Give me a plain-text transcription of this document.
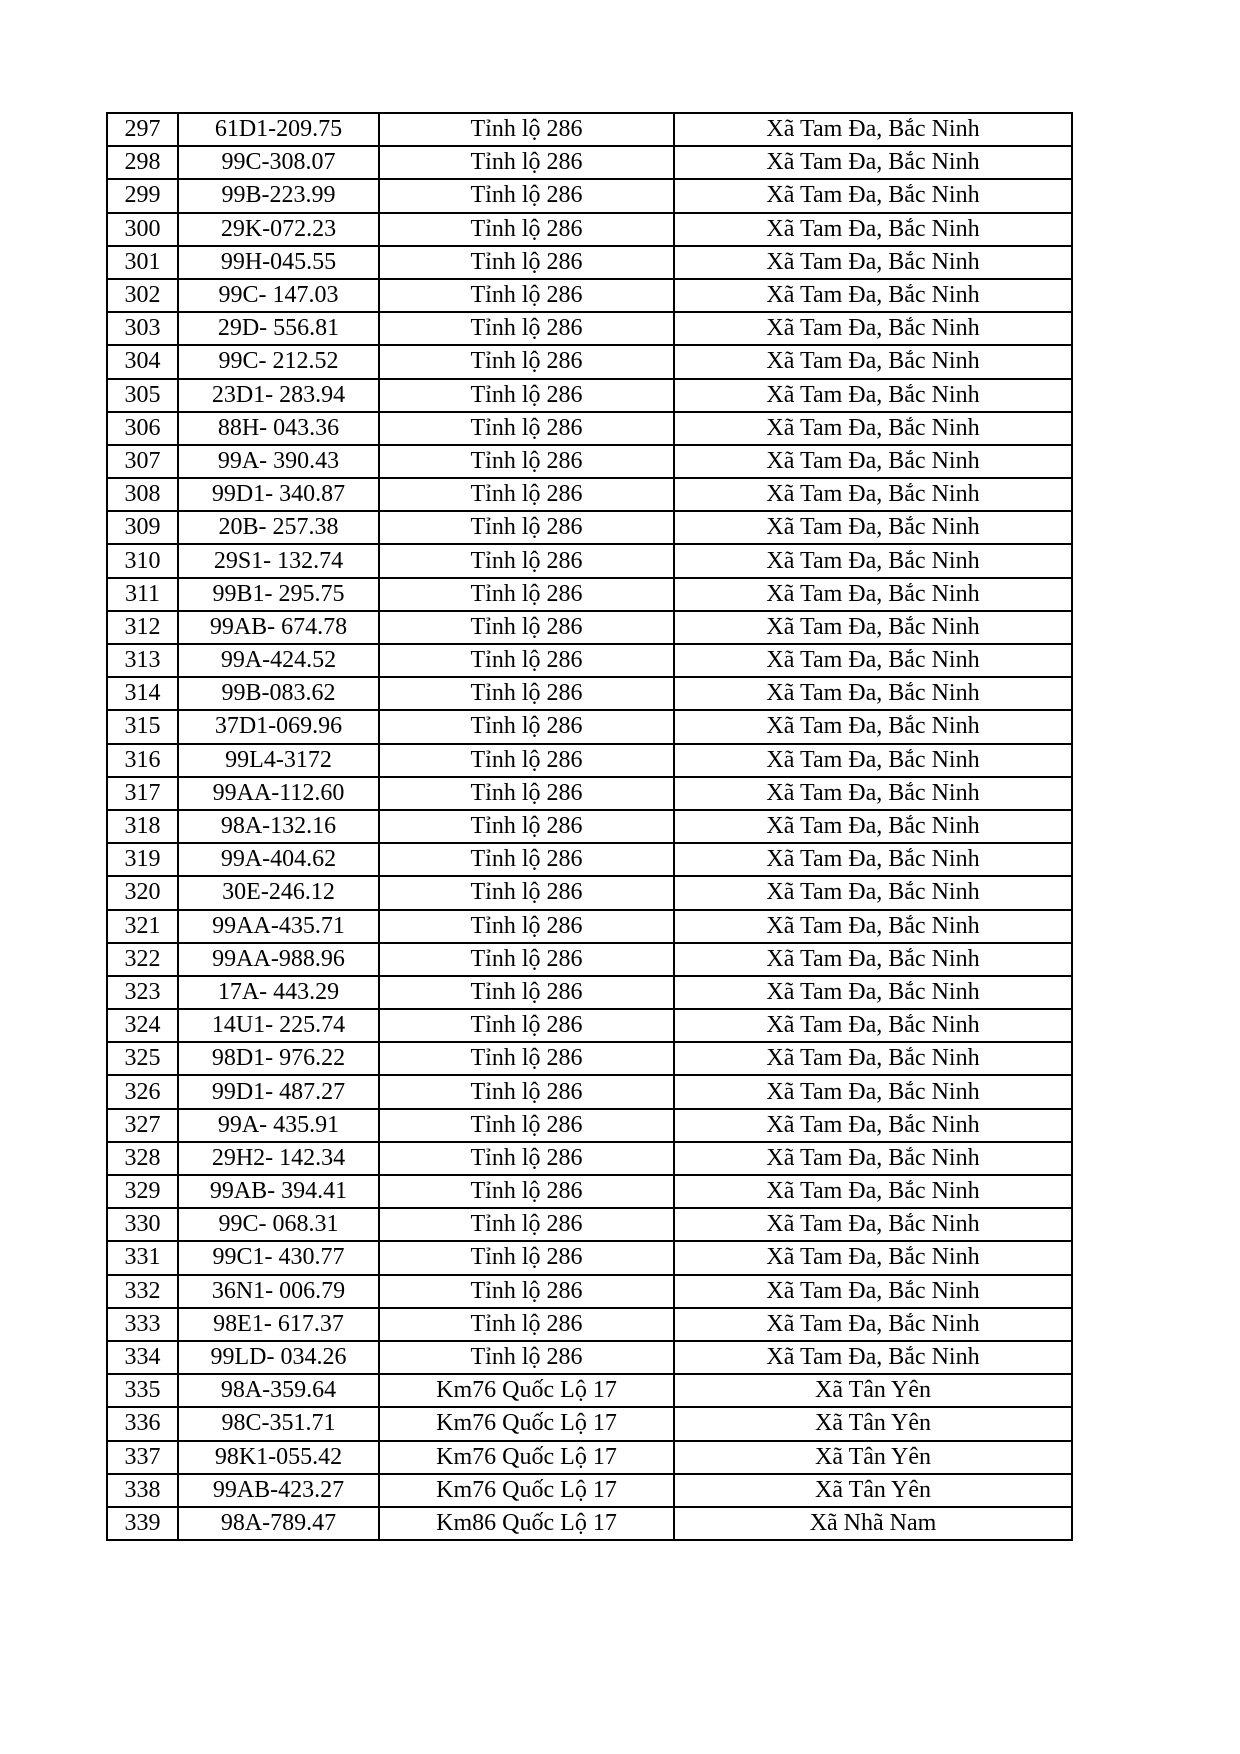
297	61D1-209.75	Tỉnh lộ 286	Xã Tam Đa, Bắc Ninh
298	99C-308.07	Tỉnh lộ 286	Xã Tam Đa, Bắc Ninh
299	99B-223.99	Tỉnh lộ 286	Xã Tam Đa, Bắc Ninh
300	29K-072.23	Tỉnh lộ 286	Xã Tam Đa, Bắc Ninh
301	99H-045.55	Tỉnh lộ 286	Xã Tam Đa, Bắc Ninh
302	99C- 147.03	Tỉnh lộ 286	Xã Tam Đa, Bắc Ninh
303	29D- 556.81	Tỉnh lộ 286	Xã Tam Đa, Bắc Ninh
304	99C- 212.52	Tỉnh lộ 286	Xã Tam Đa, Bắc Ninh
305	23D1- 283.94	Tỉnh lộ 286	Xã Tam Đa, Bắc Ninh
306	88H- 043.36	Tỉnh lộ 286	Xã Tam Đa, Bắc Ninh
307	99A- 390.43	Tỉnh lộ 286	Xã Tam Đa, Bắc Ninh
308	99D1- 340.87	Tỉnh lộ 286	Xã Tam Đa, Bắc Ninh
309	20B- 257.38	Tỉnh lộ 286	Xã Tam Đa, Bắc Ninh
310	29S1- 132.74	Tỉnh lộ 286	Xã Tam Đa, Bắc Ninh
311	99B1- 295.75	Tỉnh lộ 286	Xã Tam Đa, Bắc Ninh
312	99AB- 674.78	Tỉnh lộ 286	Xã Tam Đa, Bắc Ninh
313	99A-424.52	Tỉnh lộ 286	Xã Tam Đa, Bắc Ninh
314	99B-083.62	Tỉnh lộ 286	Xã Tam Đa, Bắc Ninh
315	37D1-069.96	Tỉnh lộ 286	Xã Tam Đa, Bắc Ninh
316	99L4-3172	Tỉnh lộ 286	Xã Tam Đa, Bắc Ninh
317	99AA-112.60	Tỉnh lộ 286	Xã Tam Đa, Bắc Ninh
318	98A-132.16	Tỉnh lộ 286	Xã Tam Đa, Bắc Ninh
319	99A-404.62	Tỉnh lộ 286	Xã Tam Đa, Bắc Ninh
320	30E-246.12	Tỉnh lộ 286	Xã Tam Đa, Bắc Ninh
321	99AA-435.71	Tỉnh lộ 286	Xã Tam Đa, Bắc Ninh
322	99AA-988.96	Tỉnh lộ 286	Xã Tam Đa, Bắc Ninh
323	17A- 443.29	Tỉnh lộ 286	Xã Tam Đa, Bắc Ninh
324	14U1- 225.74	Tỉnh lộ 286	Xã Tam Đa, Bắc Ninh
325	98D1- 976.22	Tỉnh lộ 286	Xã Tam Đa, Bắc Ninh
326	99D1- 487.27	Tỉnh lộ 286	Xã Tam Đa, Bắc Ninh
327	99A- 435.91	Tỉnh lộ 286	Xã Tam Đa, Bắc Ninh
328	29H2- 142.34	Tỉnh lộ 286	Xã Tam Đa, Bắc Ninh
329	99AB- 394.41	Tỉnh lộ 286	Xã Tam Đa, Bắc Ninh
330	99C- 068.31	Tỉnh lộ 286	Xã Tam Đa, Bắc Ninh
331	99C1- 430.77	Tỉnh lộ 286	Xã Tam Đa, Bắc Ninh
332	36N1- 006.79	Tỉnh lộ 286	Xã Tam Đa, Bắc Ninh
333	98E1- 617.37	Tỉnh lộ 286	Xã Tam Đa, Bắc Ninh
334	99LD- 034.26	Tỉnh lộ 286	Xã Tam Đa, Bắc Ninh
335	98A-359.64	Km76 Quốc Lộ 17	Xã Tân Yên
336	98C-351.71	Km76 Quốc Lộ 17	Xã Tân Yên
337	98K1-055.42	Km76 Quốc Lộ 17	Xã Tân Yên
338	99AB-423.27	Km76 Quốc Lộ 17	Xã Tân Yên
339	98A-789.47	Km86 Quốc Lộ 17	Xã Nhã Nam
